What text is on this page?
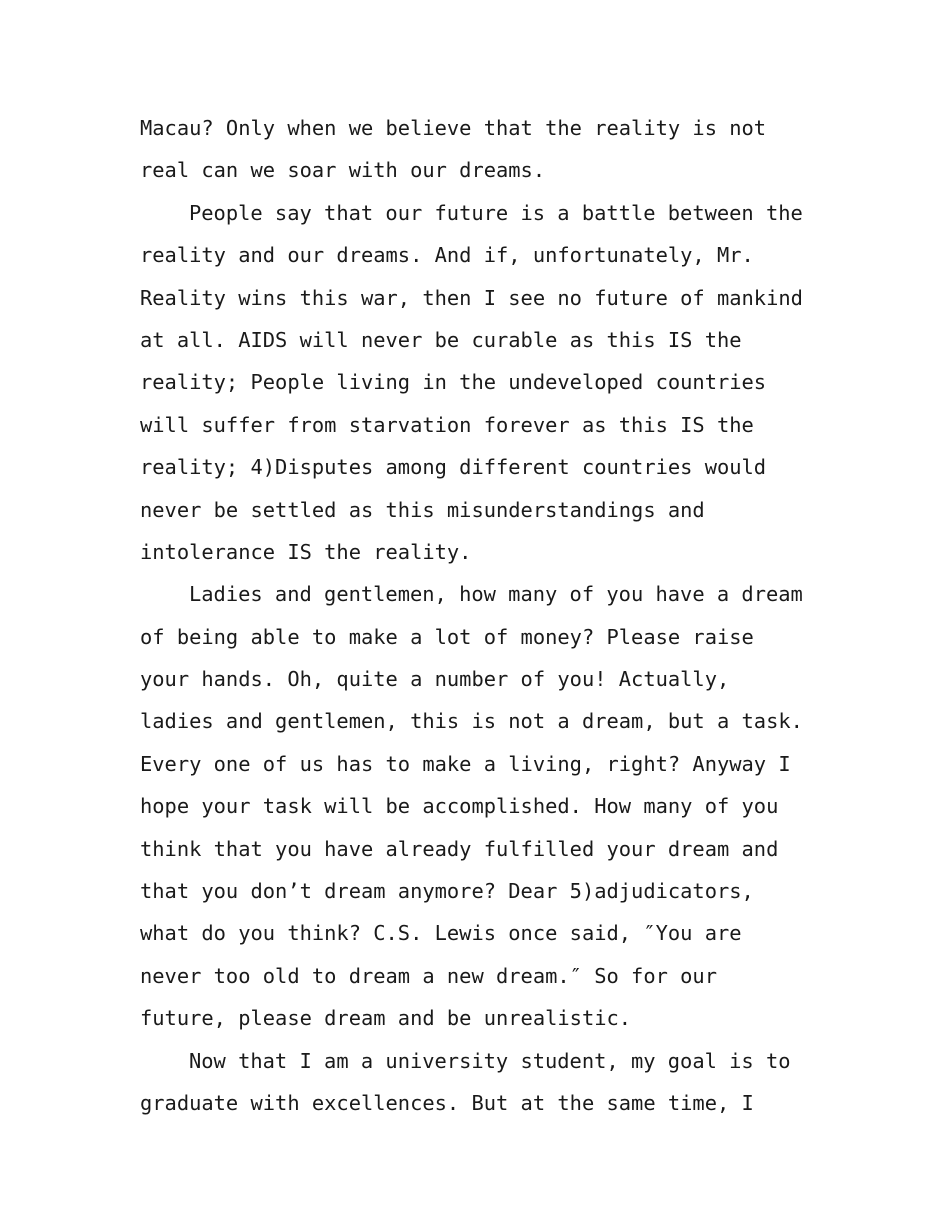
Macau? Only when we believe that the reality is not
real can we soar with our dreams.
People say that our future is a battle between the
reality and our dreams. And if, unfortunately, Mr.
Reality wins this war, then I see no future of mankind
at all. AIDS will never be curable as this IS the
reality; People living in the undeveloped countries
will suffer from starvation forever as this IS the
reality; 4)Disputes among different countries would
never be settled as this misunderstandings and
intolerance IS the reality.
Ladies and gentlemen, how many of you have a dream
of being able to make a lot of money? Please raise
your hands. Oh, quite a number of you! Actually,
ladies and gentlemen, this is not a dream, but a task.
Every one of us has to make a living, right? Anyway I
hope your task will be accomplished. How many of you
think that you have already fulfilled your dream and
that you don’t dream anymore? Dear 5)adjudicators,
what do you think? C.S. Lewis once said, ″You are
never too old to dream a new dream.″ So for our
future, please dream and be unrealistic.
Now that I am a university student, my goal is to
graduate with excellences. But at the same time, I
